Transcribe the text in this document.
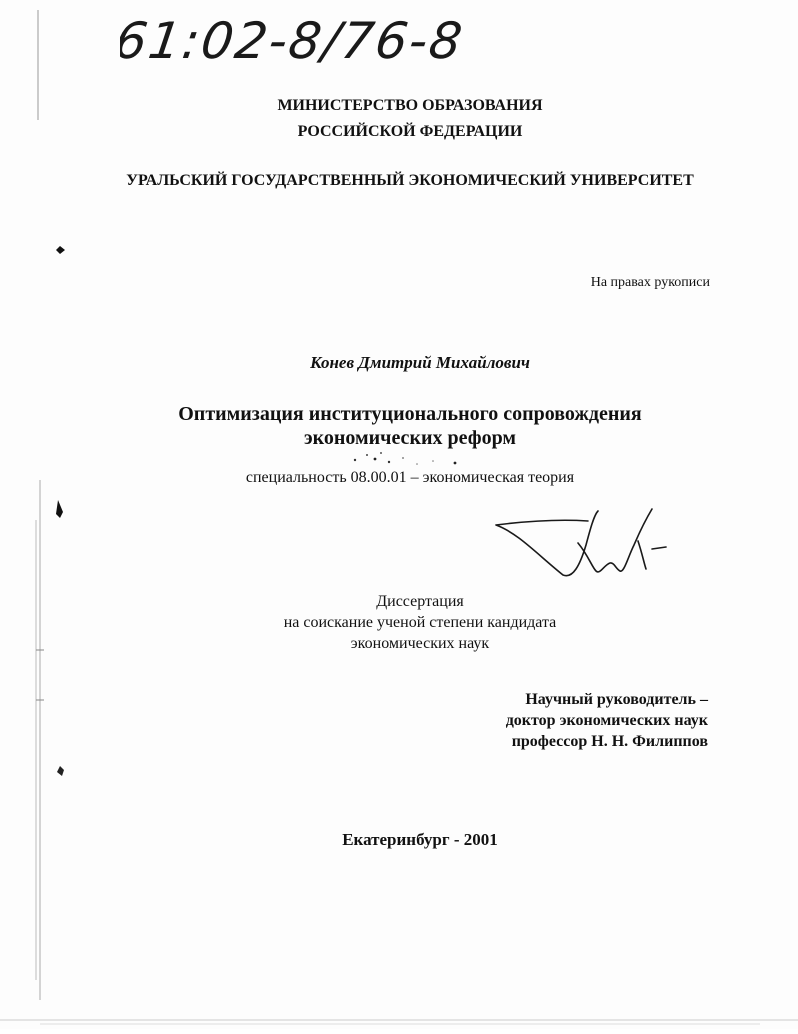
61:02-8/76-8
МИНИСТЕРСТВО ОБРАЗОВАНИЯ
РОССИЙСКОЙ ФЕДЕРАЦИИ
УРАЛЬСКИЙ ГОСУДАРСТВЕННЫЙ ЭКОНОМИЧЕСКИЙ УНИВЕРСИТЕТ
На правах рукописи
Конев Дмитрий Михайлович
Оптимизация институционального сопровождения
экономических реформ
специальность 08.00.01 – экономическая теория
Диссертация
на соискание ученой степени кандидата
экономических наук
Научный руководитель –
доктор экономических наук
профессор Н. Н. Филиппов
Екатеринбург - 2001
